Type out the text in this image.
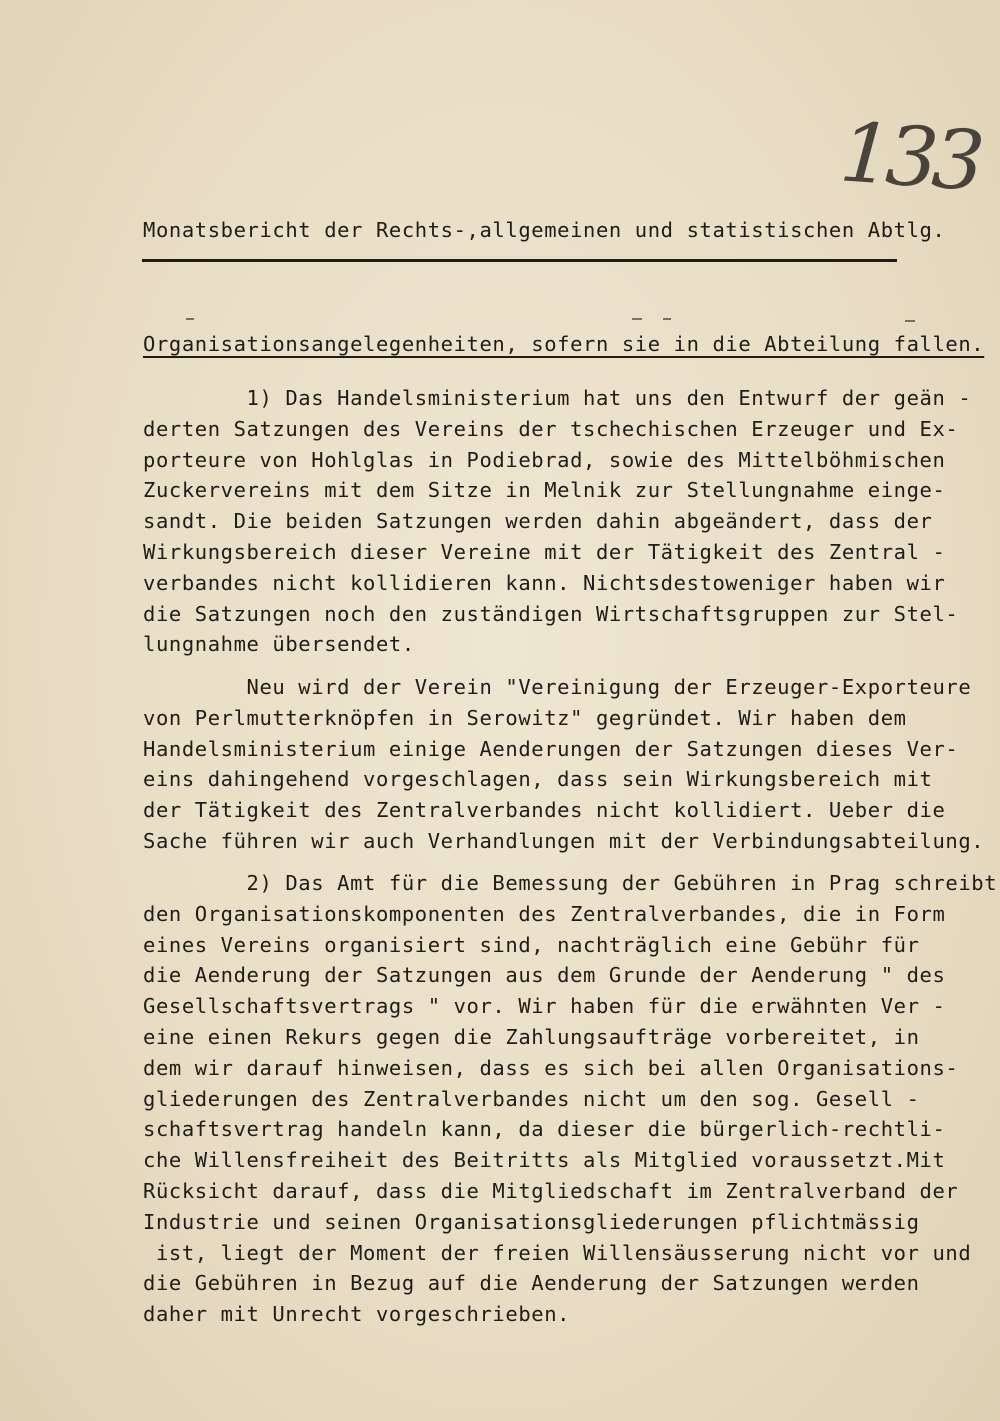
133
Monatsbericht der Rechts-,allgemeinen und statistischen Abtlg.
Organisationsangelegenheiten, sofern sie in die Abteilung fallen.
1) Das Handelsministerium hat uns den Entwurf der geän -
derten Satzungen des Vereins der tschechischen Erzeuger und Ex-
porteure von Hohlglas in Podiebrad, sowie des Mittelböhmischen
Zuckervereins mit dem Sitze in Melnik zur Stellungnahme einge-
sandt. Die beiden Satzungen werden dahin abgeändert, dass der
Wirkungsbereich dieser Vereine mit der Tätigkeit des Zentral -
verbandes nicht kollidieren kann. Nichtsdestoweniger haben wir
die Satzungen noch den zuständigen Wirtschaftsgruppen zur Stel-
lungnahme übersendet.
Neu wird der Verein "Vereinigung der Erzeuger-Exporteure
von Perlmutterknöpfen in Serowitz" gegründet. Wir haben dem
Handelsministerium einige Aenderungen der Satzungen dieses Ver-
eins dahingehend vorgeschlagen, dass sein Wirkungsbereich mit
der Tätigkeit des Zentralverbandes nicht kollidiert. Ueber die
Sache führen wir auch Verhandlungen mit der Verbindungsabteilung.
2) Das Amt für die Bemessung der Gebühren in Prag schreibt
den Organisationskomponenten des Zentralverbandes, die in Form
eines Vereins organisiert sind, nachträglich eine Gebühr für
die Aenderung der Satzungen aus dem Grunde der Aenderung " des
Gesellschaftsvertrags " vor. Wir haben für die erwähnten Ver -
eine einen Rekurs gegen die Zahlungsaufträge vorbereitet, in
dem wir darauf hinweisen, dass es sich bei allen Organisations-
gliederungen des Zentralverbandes nicht um den sog. Gesell -
schaftsvertrag handeln kann, da dieser die bürgerlich-rechtli-
che Willensfreiheit des Beitritts als Mitglied voraussetzt.Mit
Rücksicht darauf, dass die Mitgliedschaft im Zentralverband der
Industrie und seinen Organisationsgliederungen pflichtmässig
ist, liegt der Moment der freien Willensäusserung nicht vor und
die Gebühren in Bezug auf die Aenderung der Satzungen werden
daher mit Unrecht vorgeschrieben.
